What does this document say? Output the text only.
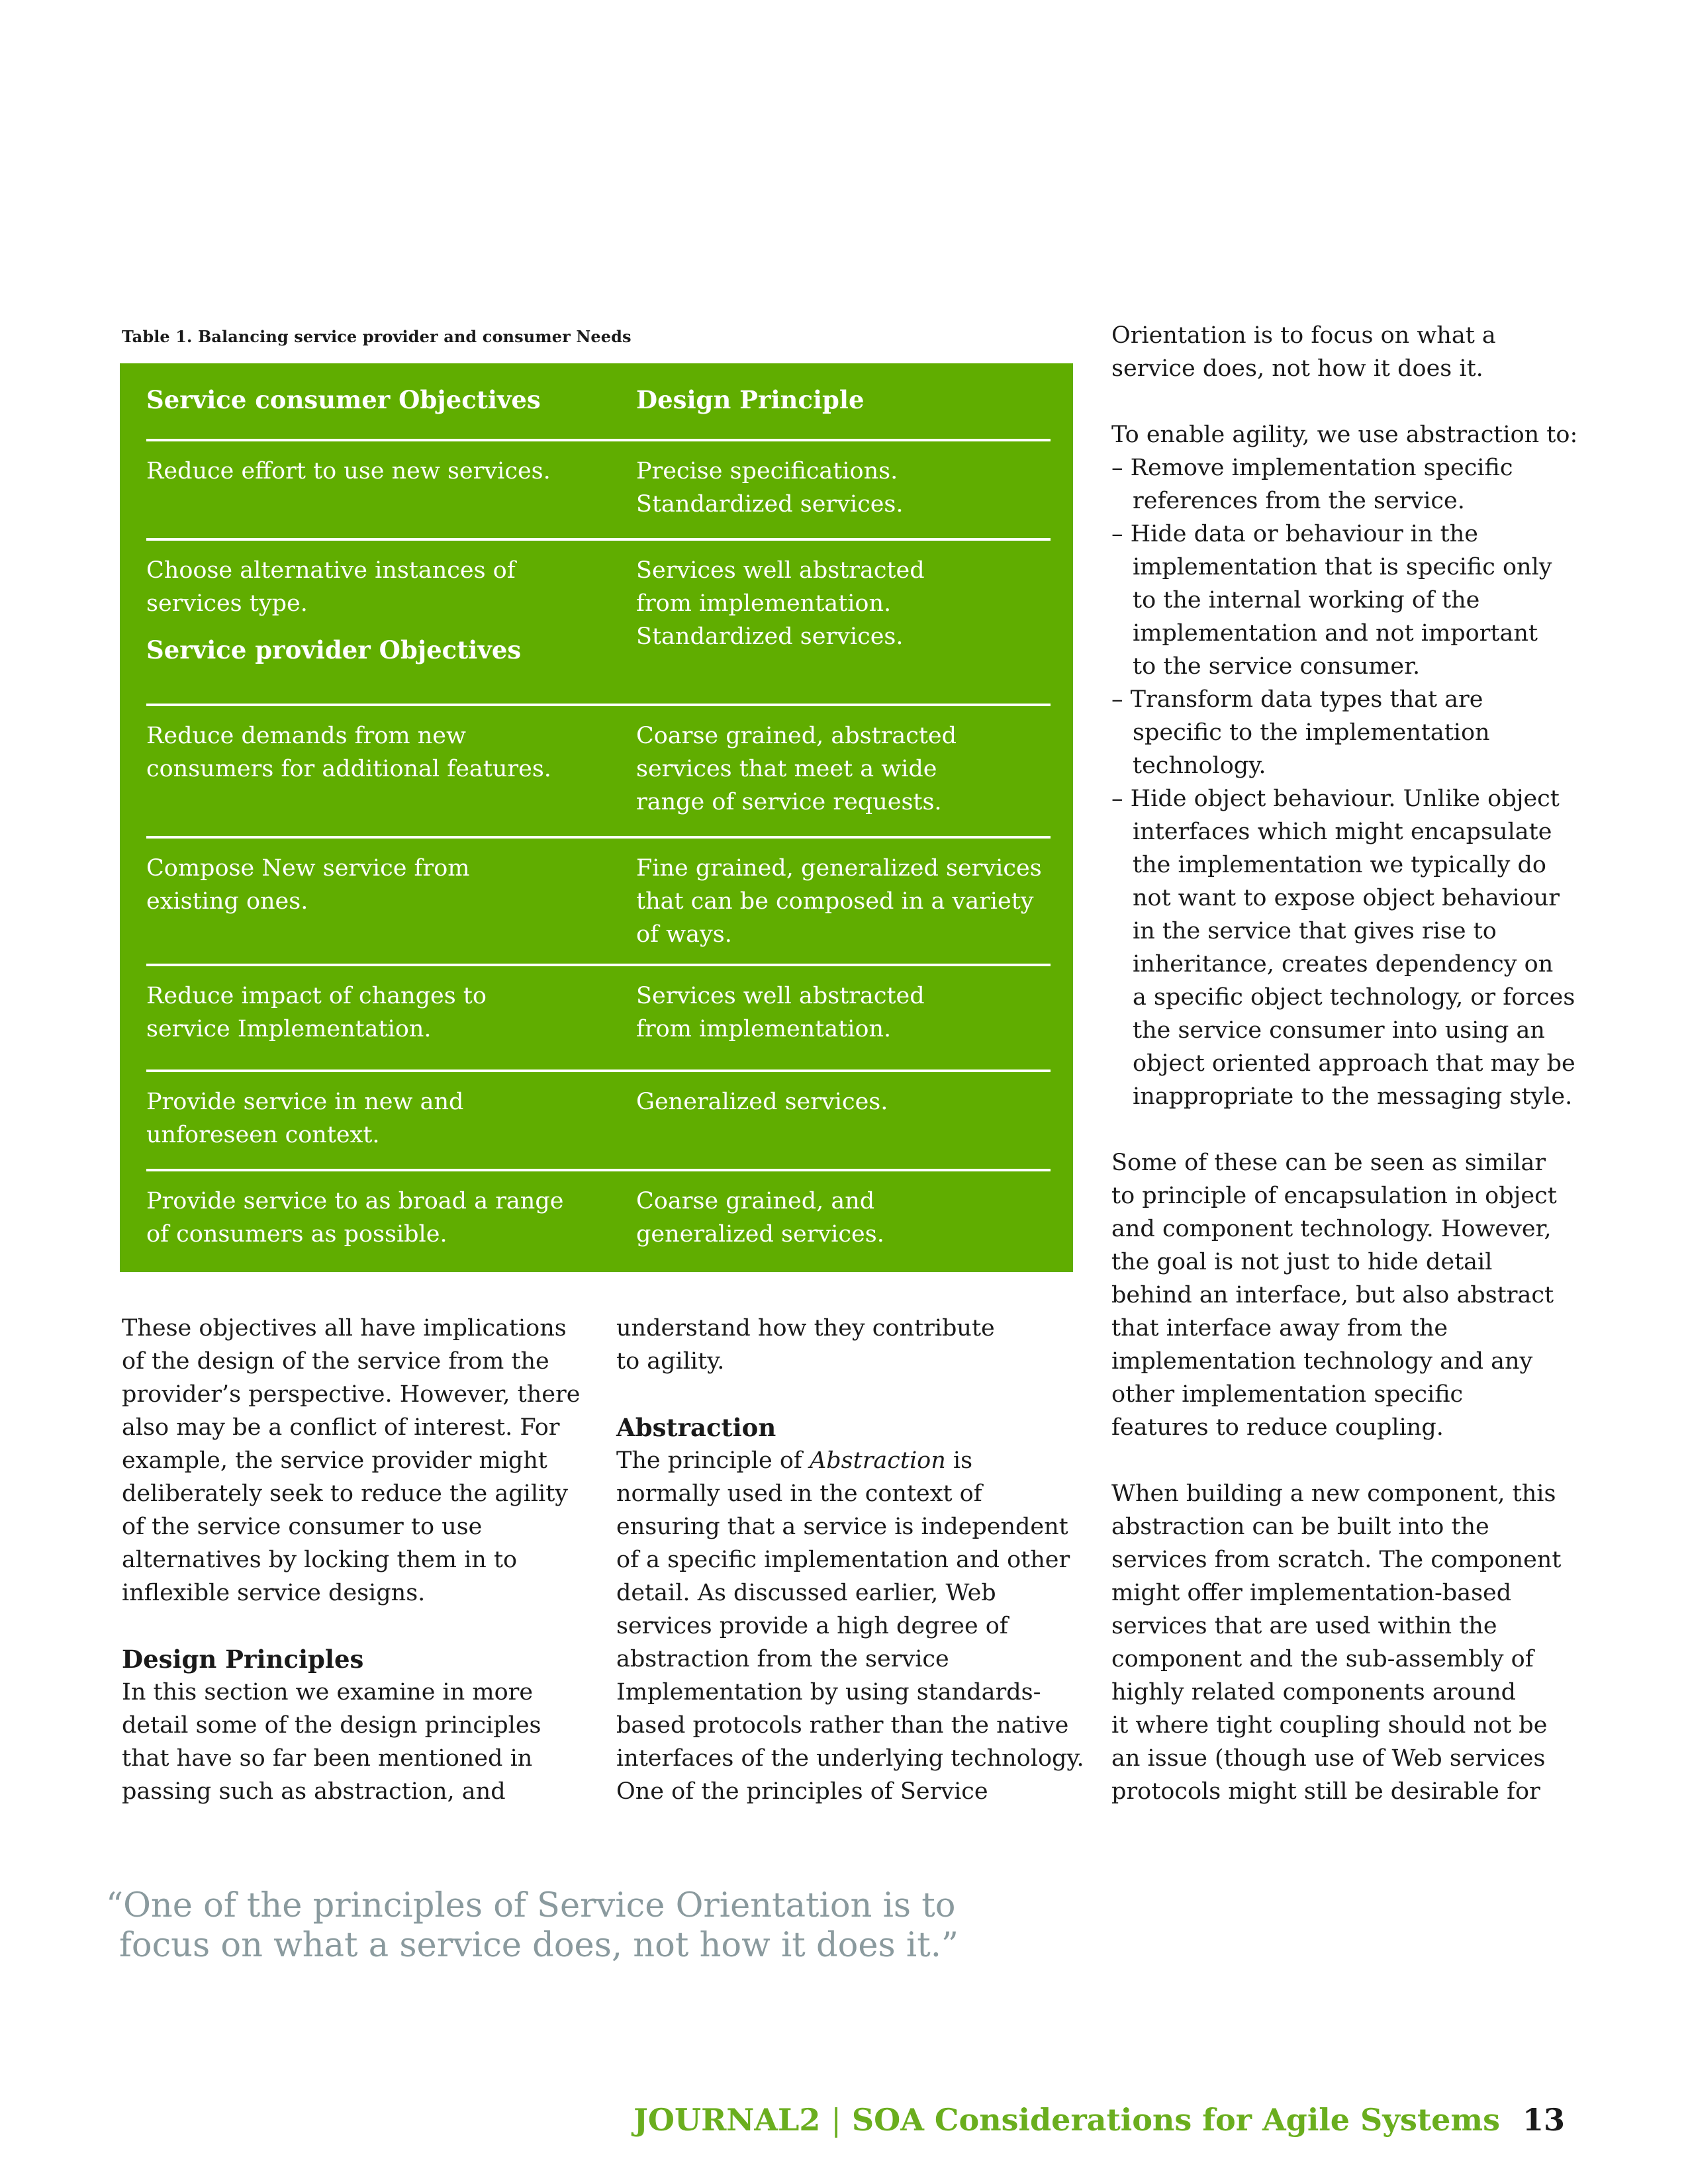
Table 1. Balancing service provider and consumer Needs
Service consumer Objectives	Design Principle

Reduce effort to use new services.	Precise specifications.

Standardized services.

Choose alternative instances of

services type.

Service provider Objectives

Services well abstracted

from implementation.

Standardized services.

Reduce demands from new

consumers for additional features.

Coarse grained, abstracted

services that meet a wide

range of service requests.

Compose New service from

existing ones.

Fine grained, generalized services

that can be composed in a variety

of ways.

Reduce impact of changes to

service Implementation.

Services well abstracted

from implementation.

Provide service in new and

unforeseen context.

Generalized services.

Provide service to as broad a range

of consumers as possible.

Coarse grained, and

generalized services.

These objectives all have implications

of the design of the service from the

provider’s perspective. However, there

also may be a conflict of interest. For

example, the service provider might

deliberately seek to reduce the agility

of the service consumer to use

alternatives by locking them in to

inflexible service designs.

Design Principles

In this section we examine in more

detail some of the design principles

that have so far been mentioned in

passing such as abstraction, and

understand how they contribute

to agility.

Abstraction

The principle of Abstraction is

normally used in the context of

ensuring that a service is independent

of a specific implementation and other

detail. As discussed earlier, Web

services provide a high degree of

abstraction from the service

Implementation by using standards-

based protocols rather than the native

interfaces of the underlying technology.

One of the principles of Service

Orientation is to focus on what a

service does, not how it does it.

To enable agility, we use abstraction to:

– Remove implementation specific

references from the service.

– Hide data or behaviour in the

implementation that is specific only

to the internal working of the

implementation and not important

to the service consumer.

– Transform data types that are

specific to the implementation

technology.

– Hide object behaviour. Unlike object

interfaces which might encapsulate

the implementation we typically do

not want to expose object behaviour

in the service that gives rise to

inheritance, creates dependency on

a specific object technology, or forces

the service consumer into using an

object oriented approach that may be

inappropriate to the messaging style.

Some of these can be seen as similar

to principle of encapsulation in object

and component technology. However,

the goal is not just to hide detail

behind an interface, but also abstract

that interface away from the

implementation technology and any

other implementation specific

features to reduce coupling.

When building a new component, this

abstraction can be built into the

services from scratch. The component

might offer implementation-based

services that are used within the

component and the sub-assembly of

highly related components around

it where tight coupling should not be

an issue (though use of Web services

protocols might still be desirable for

“One of the principles of Service Orientation is to

focus on what a service does, not how it does it.”

JOURNAL2 | SOA Considerations for Agile Systems 13
